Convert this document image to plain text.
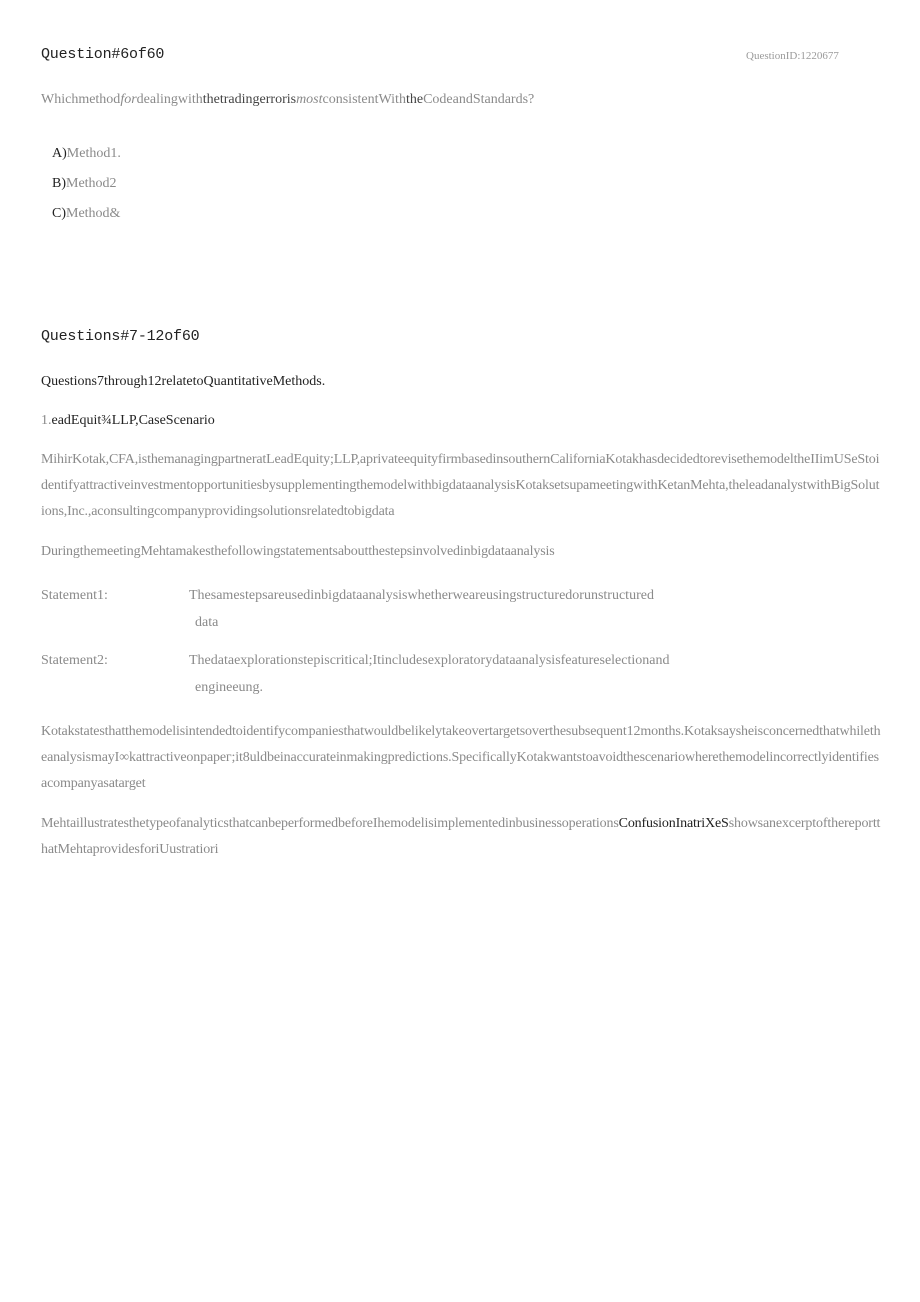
Question#6of60	QuestionID:1220677
WhichmethodfordealingwiththetradingerrorismostconsistentWiththeCodeandStandards?
A)Method1.
B)Method2
C)Method&
Questions#7-12of60
Questions7through12relatetoQuantitativeMethods.
1.eadEquit¾LLP,CaseScenario
MihirKotak,CFA,isthemanagingpartneratLeadEquity;LLP,aprivateequityfirmbasedinsouthernCaliforniaKotakhasdecidedtorevisethemodeltheIIimUSeStoidentifyattractiveinvestmentopportunitiesbysupplementingthemodelwithbigdataanalysisKotaksetsupameetingwithKetanMehta,theleadanalystwithBigSolutions,Inc.,aconsultingcompanyprovidingsolutionsrelatedtobigdata
DuringthemeetingMehtamakesthefollowingstatementsaboutthestepsinvolvedinbigdataanalysis
Statement1:	Thesamestepsareusedinbigdataanalysiswhetherweareusingstructuredorunstructured
data
Statement2:	Thedataexplorationstepiscritical;Itincludesexploratorydataanalysisfeatureselectionand
engineeung.
Kotakstatesthatthemodelisintendedtoidentifycompaniesthatwouldbelikelytakeovertargetsoverthesubsequent12months.KotaksaysheisconcernedthatwhiletheanalysismayI∞kattractiveonpapeг;it8uldbeinaccurateinmakingpredictions.SpecificallyKotakwantstoavoidthescenariowherethemodelincorrectlyidentifiesacompanyasatarget
MehtaillustratesthetypeofanalyticsthatcanbeperformedbeforeIhemodelisimplementedinbusinessoperationsConfusionInatriXeSshowsanexcerptofthereportthatMehtaprovidesforiUustratiori
